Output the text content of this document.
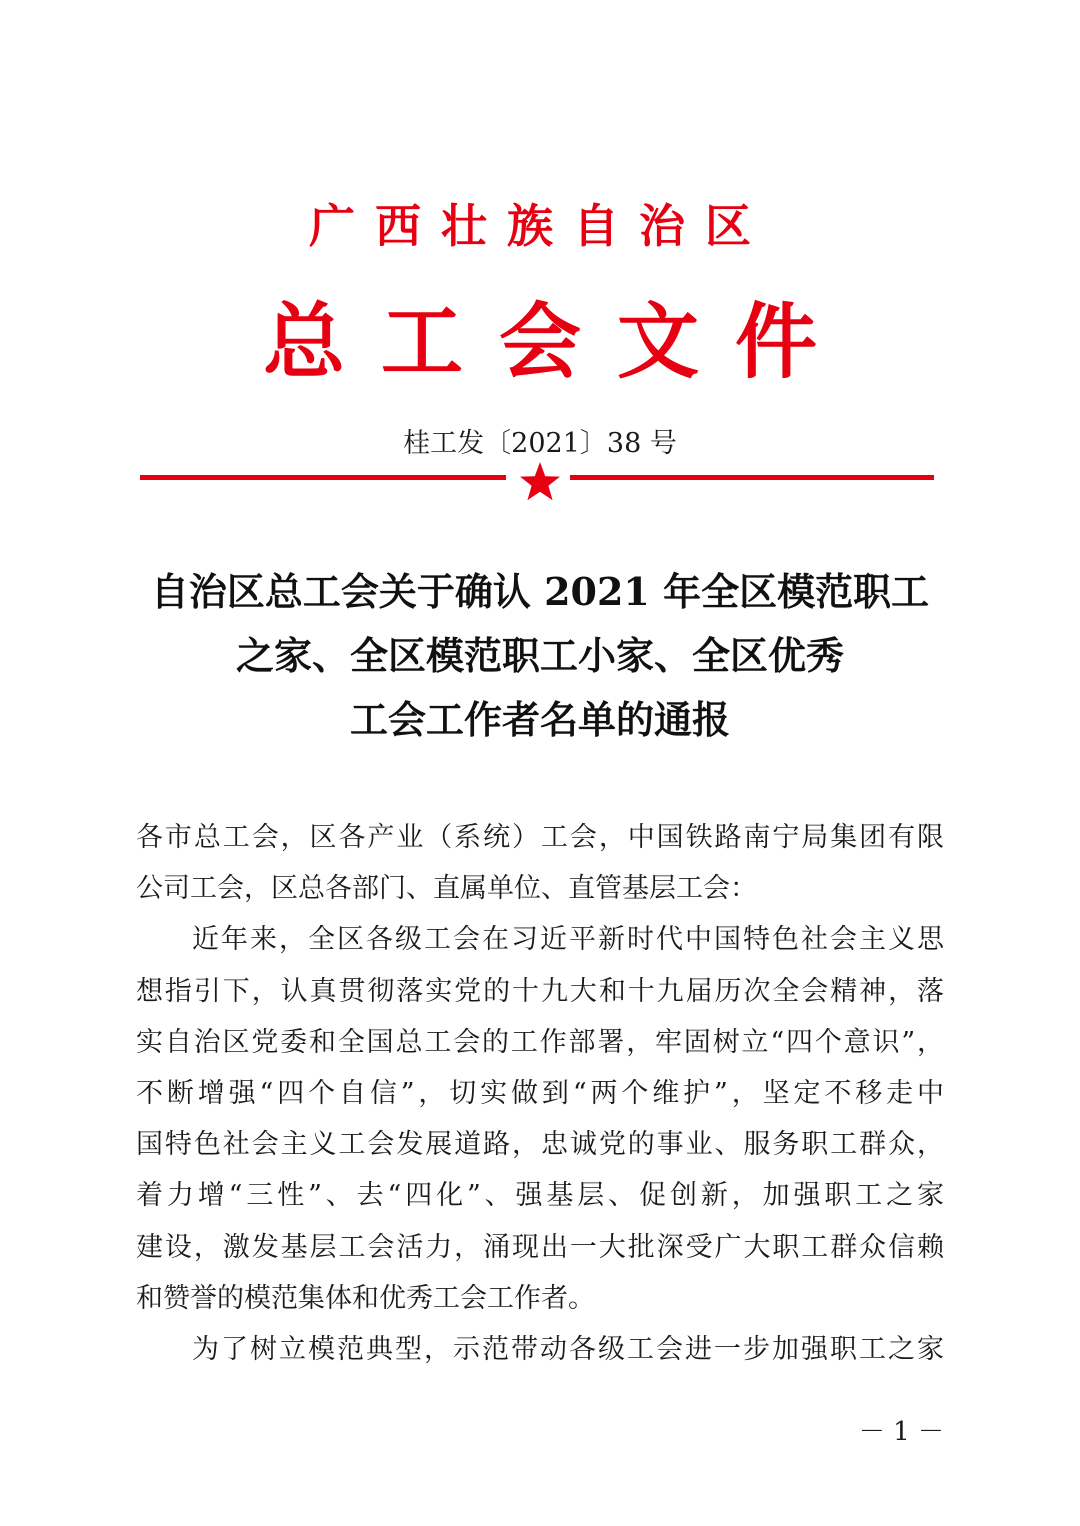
广西壮族自治区
总工会文件
桂工发〔2021〕38 号
自治区总工会关于确认 2021 年全区模范职工
之家、全区模范职工小家、全区优秀
工会工作者名单的通报
各市总工会，区各产业（系统）工会，中国铁路南宁局集团有限
公司工会，区总各部门、直属单位、直管基层工会：
近年来，全区各级工会在习近平新时代中国特色社会主义思
想指引下，认真贯彻落实党的十九大和十九届历次全会精神，落
实自治区党委和全国总工会的工作部署，牢固树立“四个意识”，
不断增强“四个自信”，切实做到“两个维护”，坚定不移走中
国特色社会主义工会发展道路，忠诚党的事业、服务职工群众，
着力增“三性”、去“四化”、强基层、促创新，加强职工之家
建设，激发基层工会活力，涌现出一大批深受广大职工群众信赖
和赞誉的模范集体和优秀工会工作者。
为了树立模范典型，示范带动各级工会进一步加强职工之家
－ 1 －
